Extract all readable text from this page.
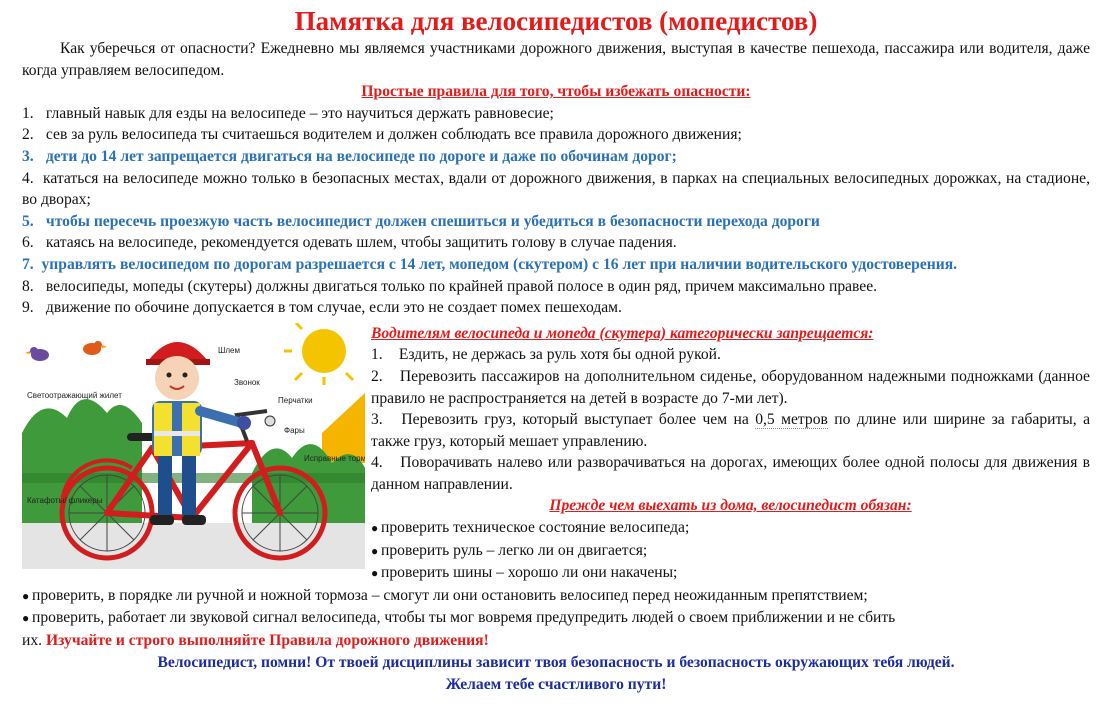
Памятка для велосипедистов (мопедистов)

Как уберечься от опасности? Ежедневно мы являемся участниками дорожного движения, выступая в качестве пешехода, пассажира или водителя, даже когда управляем велосипедом.

Простые правила для того, чтобы избежать опасности:

1. главный навык для езды на велосипеде – это научиться держать равновесие;

2. сев за руль велосипеда ты считаешься водителем и должен соблюдать все правила дорожного движения;

3. дети до 14 лет запрещается двигаться на велосипеде по дороге и даже по обочинам дорог;

4. кататься на велосипеде можно только в безопасных местах, вдали от дорожного движения, в парках на специальных велосипедных дорожках, на стадионе, во дворах;

5. чтобы пересечь проезжую часть велосипедист должен спешиться и убедиться в безопасности перехода дороги

6. катаясь на велосипеде, рекомендуется одевать шлем, чтобы защитить голову в случае падения.

7. управлять велосипедом по дорогам разрешается с 14 лет, мопедом (скутером) с 16 лет при наличии водительского удостоверения.

8. велосипеды, мопеды (скутеры) должны двигаться только по крайней правой полосе в один ряд, причем максимально правее.

9. движение по обочине допускается в том случае, если это не создает помех пешеходам.

Шлем
Светоотражающий жилет
Звонок
Перчатки
Фары
Исправные торм
Катафоты/ фликеры

Водителям велосипеда и мопеда (скутера) категорически запрещается:

1. Ездить, не держась за руль хотя бы одной рукой.

2. Перевозить пассажиров на дополнительном сиденье, оборудованном надежными подножками (данное правило не распространяется на детей в возрасте до 7-ми лет).

3. Перевозить груз, который выступает более чем на 0,5 метров по длине или ширине за габариты, а также груз, который мешает управлению.

4. Поворачивать налево или разворачиваться на дорогах, имеющих более одной полосы для движения в данном направлении.

Прежде чем выехать из дома, велосипедист обязан:

● проверить техническое состояние велосипеда;

● проверить руль – легко ли он двигается;

● проверить шины – хорошо ли они накачены;

● проверить, в порядке ли ручной и ножной тормоза – смогут ли они остановить велосипед перед неожиданным препятствием;

● проверить, работает ли звуковой сигнал велосипеда, чтобы ты мог вовремя предупредить людей о своем приближении и не сбить

их. Изучайте и строго выполняйте Правила дорожного движения!

Велосипедист, помни! От твоей дисциплины зависит твоя безопасность и безопасность окружающих тебя людей.

Желаем тебе счастливого пути!
